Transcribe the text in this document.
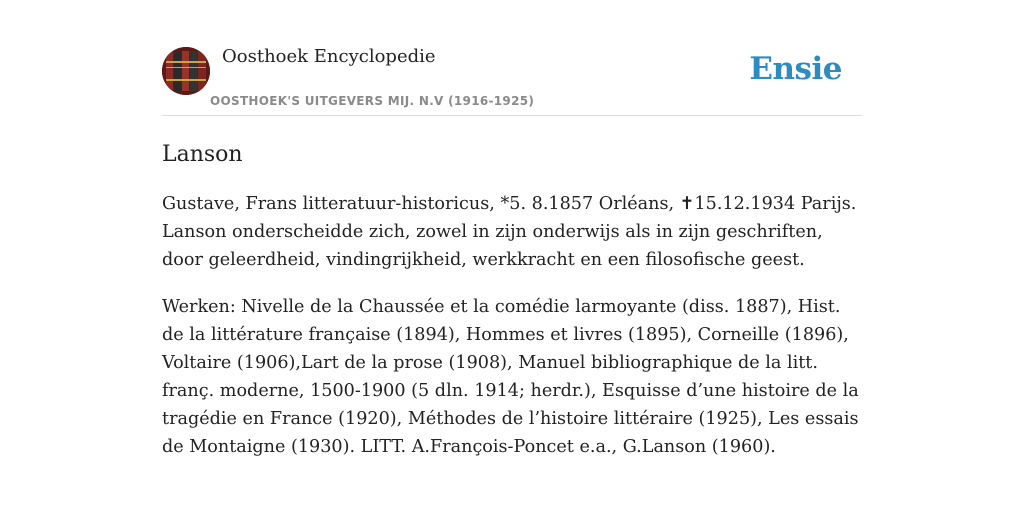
Oosthoek Encyclopedie
OOSTHOEK'S UITGEVERS MIJ. N.V (1916-1925)
Ensie
Lanson

Gustave, Frans litteratuur-historicus, *5. 8.1857 Orléans, ✝15.12.1934 Parijs. Lanson onderscheidde zich, zowel in zijn onderwijs als in zijn geschriften, door geleerdheid, vindingrijkheid, werkkracht en een filosofische geest.

Werken: Nivelle de la Chaussée et la comédie larmoyante (diss. 1887), Hist. de la littérature française (1894), Hommes et livres (1895), Corneille (1896), Voltaire (1906),Lart de la prose (1908), Manuel bibliographique de la litt. franç. moderne, 1500-1900 (5 dln. 1914; herdr.), Esquisse d’une histoire de la tragédie en France (1920), Méthodes de l’histoire littéraire (1925), Les essais de Montaigne (1930). LITT. A.François-Poncet e.a., G.Lanson (1960).
